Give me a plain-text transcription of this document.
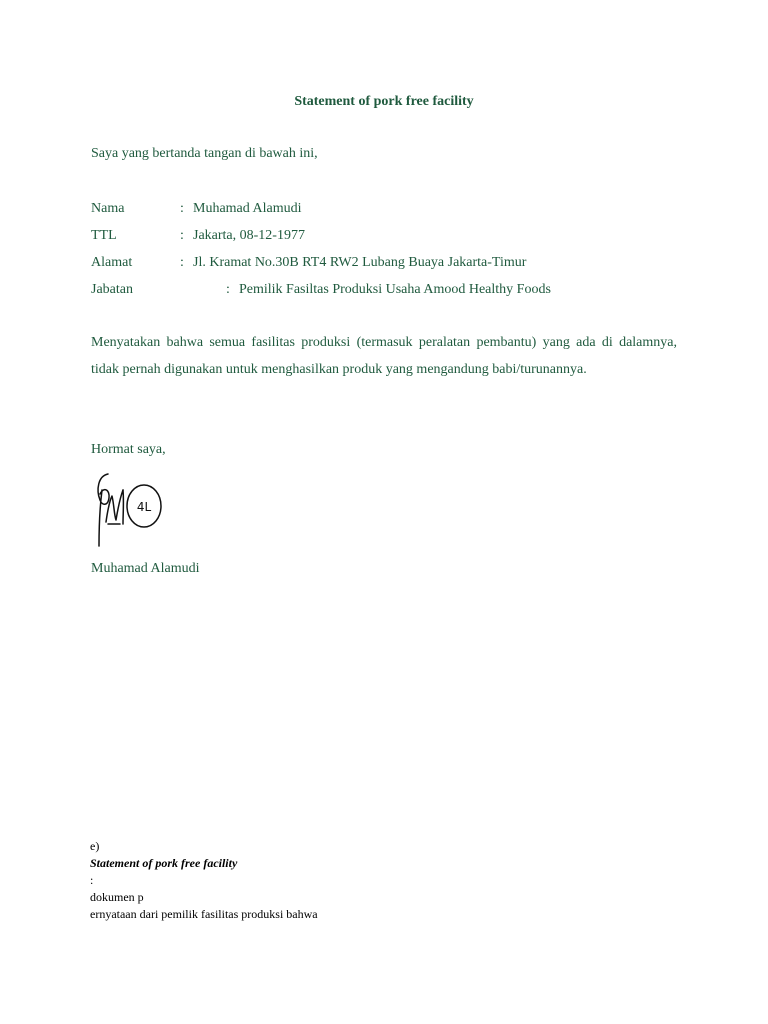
Statement of pork free facility
Saya yang bertanda tangan di bawah ini,
Nama	: Muhamad Alamudi
TTL	: Jakarta, 08-12-1977
Alamat	: Jl. Kramat No.30B RT4 RW2 Lubang Buaya Jakarta-Timur
Jabatan	: Pemilik Fasiltas Produksi Usaha Amood Healthy Foods
Menyatakan bahwa semua fasilitas produksi (termasuk peralatan pembantu) yang ada di dalamnya, tidak pernah digunakan untuk menghasilkan produk yang mengandung babi/turunannya.
Hormat saya,
4L
Muhamad Alamudi
e)
Statement of pork free facility
:
dokumen p
ernyataan dari pemilik fasilitas produksi bahwa
